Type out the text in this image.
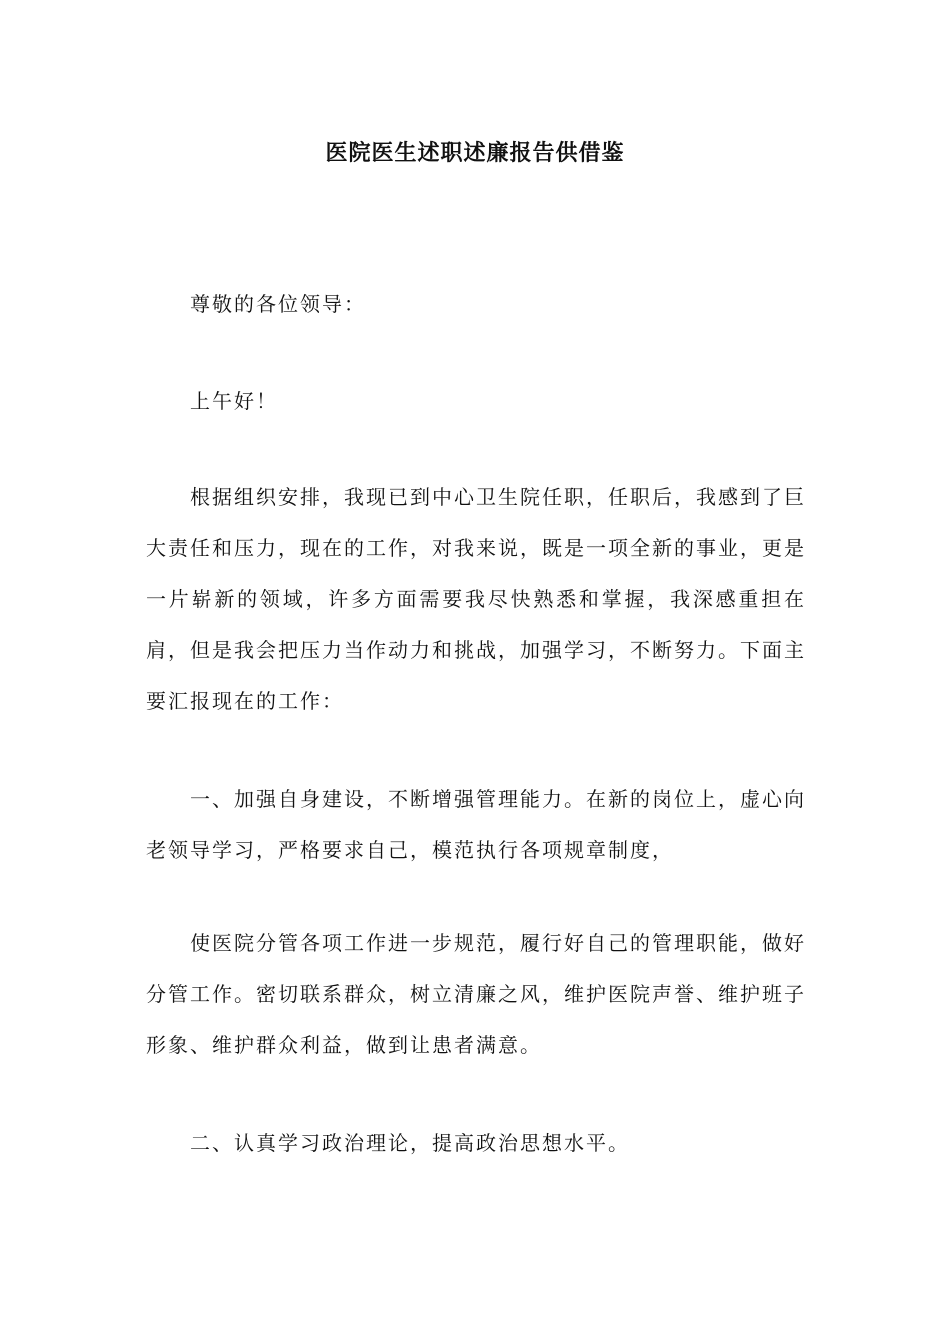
医院医生述职述廉报告供借鉴

尊敬的各位领导：

上午好！

根据组织安排，我现已到中心卫生院任职，任职后，我感到了巨大责任和压力，现在的工作，对我来说，既是一项全新的事业，更是一片崭新的领域，许多方面需要我尽快熟悉和掌握，我深感重担在肩，但是我会把压力当作动力和挑战，加强学习，不断努力。下面主要汇报现在的工作：

一、加强自身建设，不断增强管理能力。在新的岗位上，虚心向老领导学习，严格要求自己，模范执行各项规章制度，

使医院分管各项工作进一步规范，履行好自己的管理职能，做好分管工作。密切联系群众，树立清廉之风，维护医院声誉、维护班子形象、维护群众利益，做到让患者满意。

二、认真学习政治理论，提高政治思想水平。
